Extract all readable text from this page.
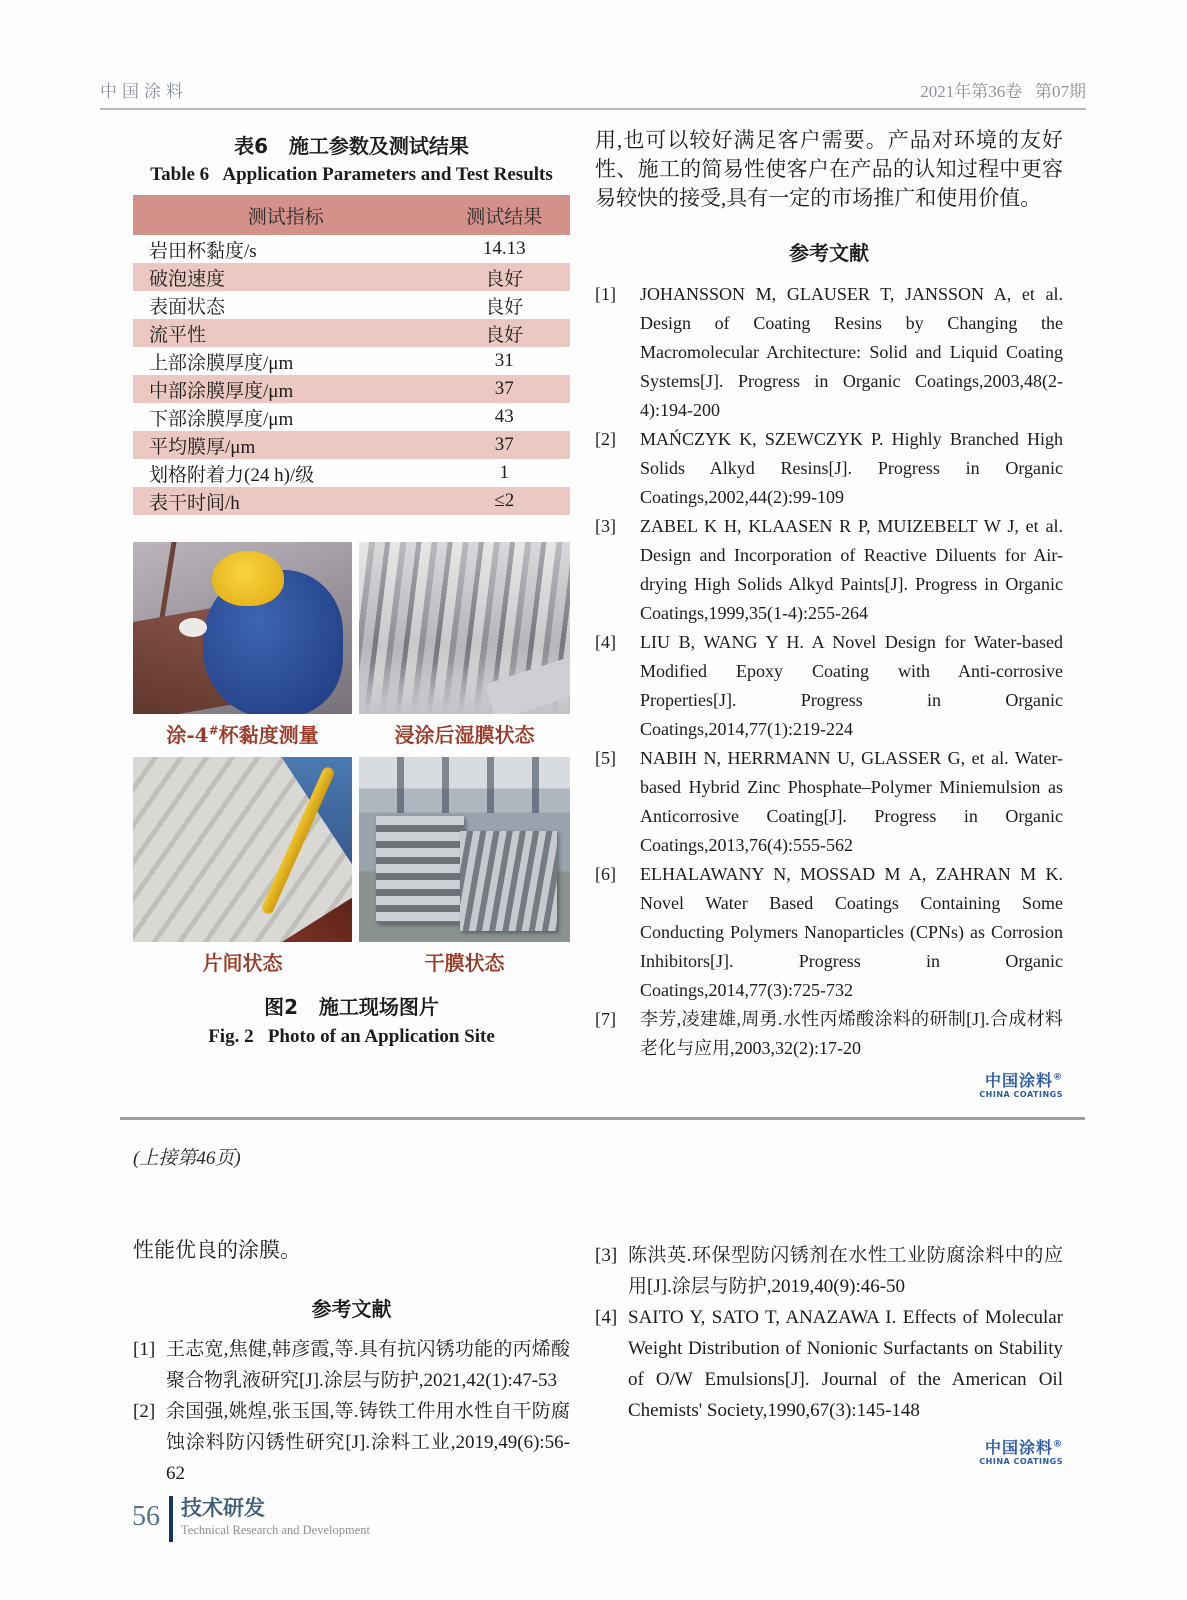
中国涂料	2021年第36卷   第07期
表6   施工参数及测试结果
Table 6   Application Parameters and Test Results
测试指标	测试结果
岩田杯黏度/s	14.13
破泡速度	良好
表面状态	良好
流平性	良好
上部涂膜厚度/μm	31
中部涂膜厚度/μm	37
下部涂膜厚度/μm	43
平均膜厚/μm	37
划格附着力(24 h)/级	1
表干时间/h	≤2
涂-4#杯黏度测量	浸涂后湿膜状态
片间状态	干膜状态
图2   施工现场图片
Fig. 2   Photo of an Application Site

用,也可以较好满足客户需要。产品对环境的友好性、施工的简易性使客户在产品的认知过程中更容易较快的接受,具有一定的市场推广和使用价值。

参考文献
[1]	JOHANSSON M, GLAUSER T, JANSSON A, et al. Design of Coating Resins by Changing the Macromolecular Architecture: Solid and Liquid Coating Systems[J]. Progress in Organic Coatings,2003,48(2-4):194-200
[2]	MAŃCZYK K, SZEWCZYK P. Highly Branched High Solids Alkyd Resins[J]. Progress in Organic Coatings,2002,44(2):99-109
[3]	ZABEL K H, KLAASEN R P, MUIZEBELT W J, et al. Design and Incorporation of Reactive Diluents for Air-drying High Solids Alkyd Paints[J]. Progress in Organic Coatings,1999,35(1-4):255-264
[4]	LIU B, WANG Y H. A Novel Design for Water-based Modified Epoxy Coating with Anti-corrosive Properties[J]. Progress in Organic Coatings,2014,77(1):219-224
[5]	NABIH N, HERRMANN U, GLASSER G, et al. Water-based Hybrid Zinc Phosphate–Polymer Miniemulsion as Anticorrosive Coating[J]. Progress in Organic Coatings,2013,76(4):555-562
[6]	ELHALAWANY N, MOSSAD M A, ZAHRAN M K. Novel Water Based Coatings Containing Some Conducting Polymers Nanoparticles (CPNs) as Corrosion Inhibitors[J]. Progress in Organic Coatings,2014,77(3):725-732
[7]	李芳,凌建雄,周勇.水性丙烯酸涂料的研制[J].合成材料老化与应用,2003,32(2):17-20
中国涂料®
CHINA COATINGS
(上接第46页)

性能优良的涂膜。

参考文献
[1] 王志宽,焦健,韩彦霞,等.具有抗闪锈功能的丙烯酸聚合物乳液研究[J].涂层与防护,2021,42(1):47-53
[2] 余国强,姚煌,张玉国,等.铸铁工件用水性自干防腐蚀涂料防闪锈性研究[J].涂料工业,2019,49(6):56-62
[3] 陈洪英.环保型防闪锈剂在水性工业防腐涂料中的应用[J].涂层与防护,2019,40(9):46-50
[4] SAITO Y, SATO T, ANAZAWA I. Effects of Molecular Weight Distribution of Nonionic Surfactants on Stability of O/W Emulsions[J]. Journal of the American Oil Chemists' Society,1990,67(3):145-148
中国涂料®
CHINA COATINGS
56 技术研发
Technical Research and Development
